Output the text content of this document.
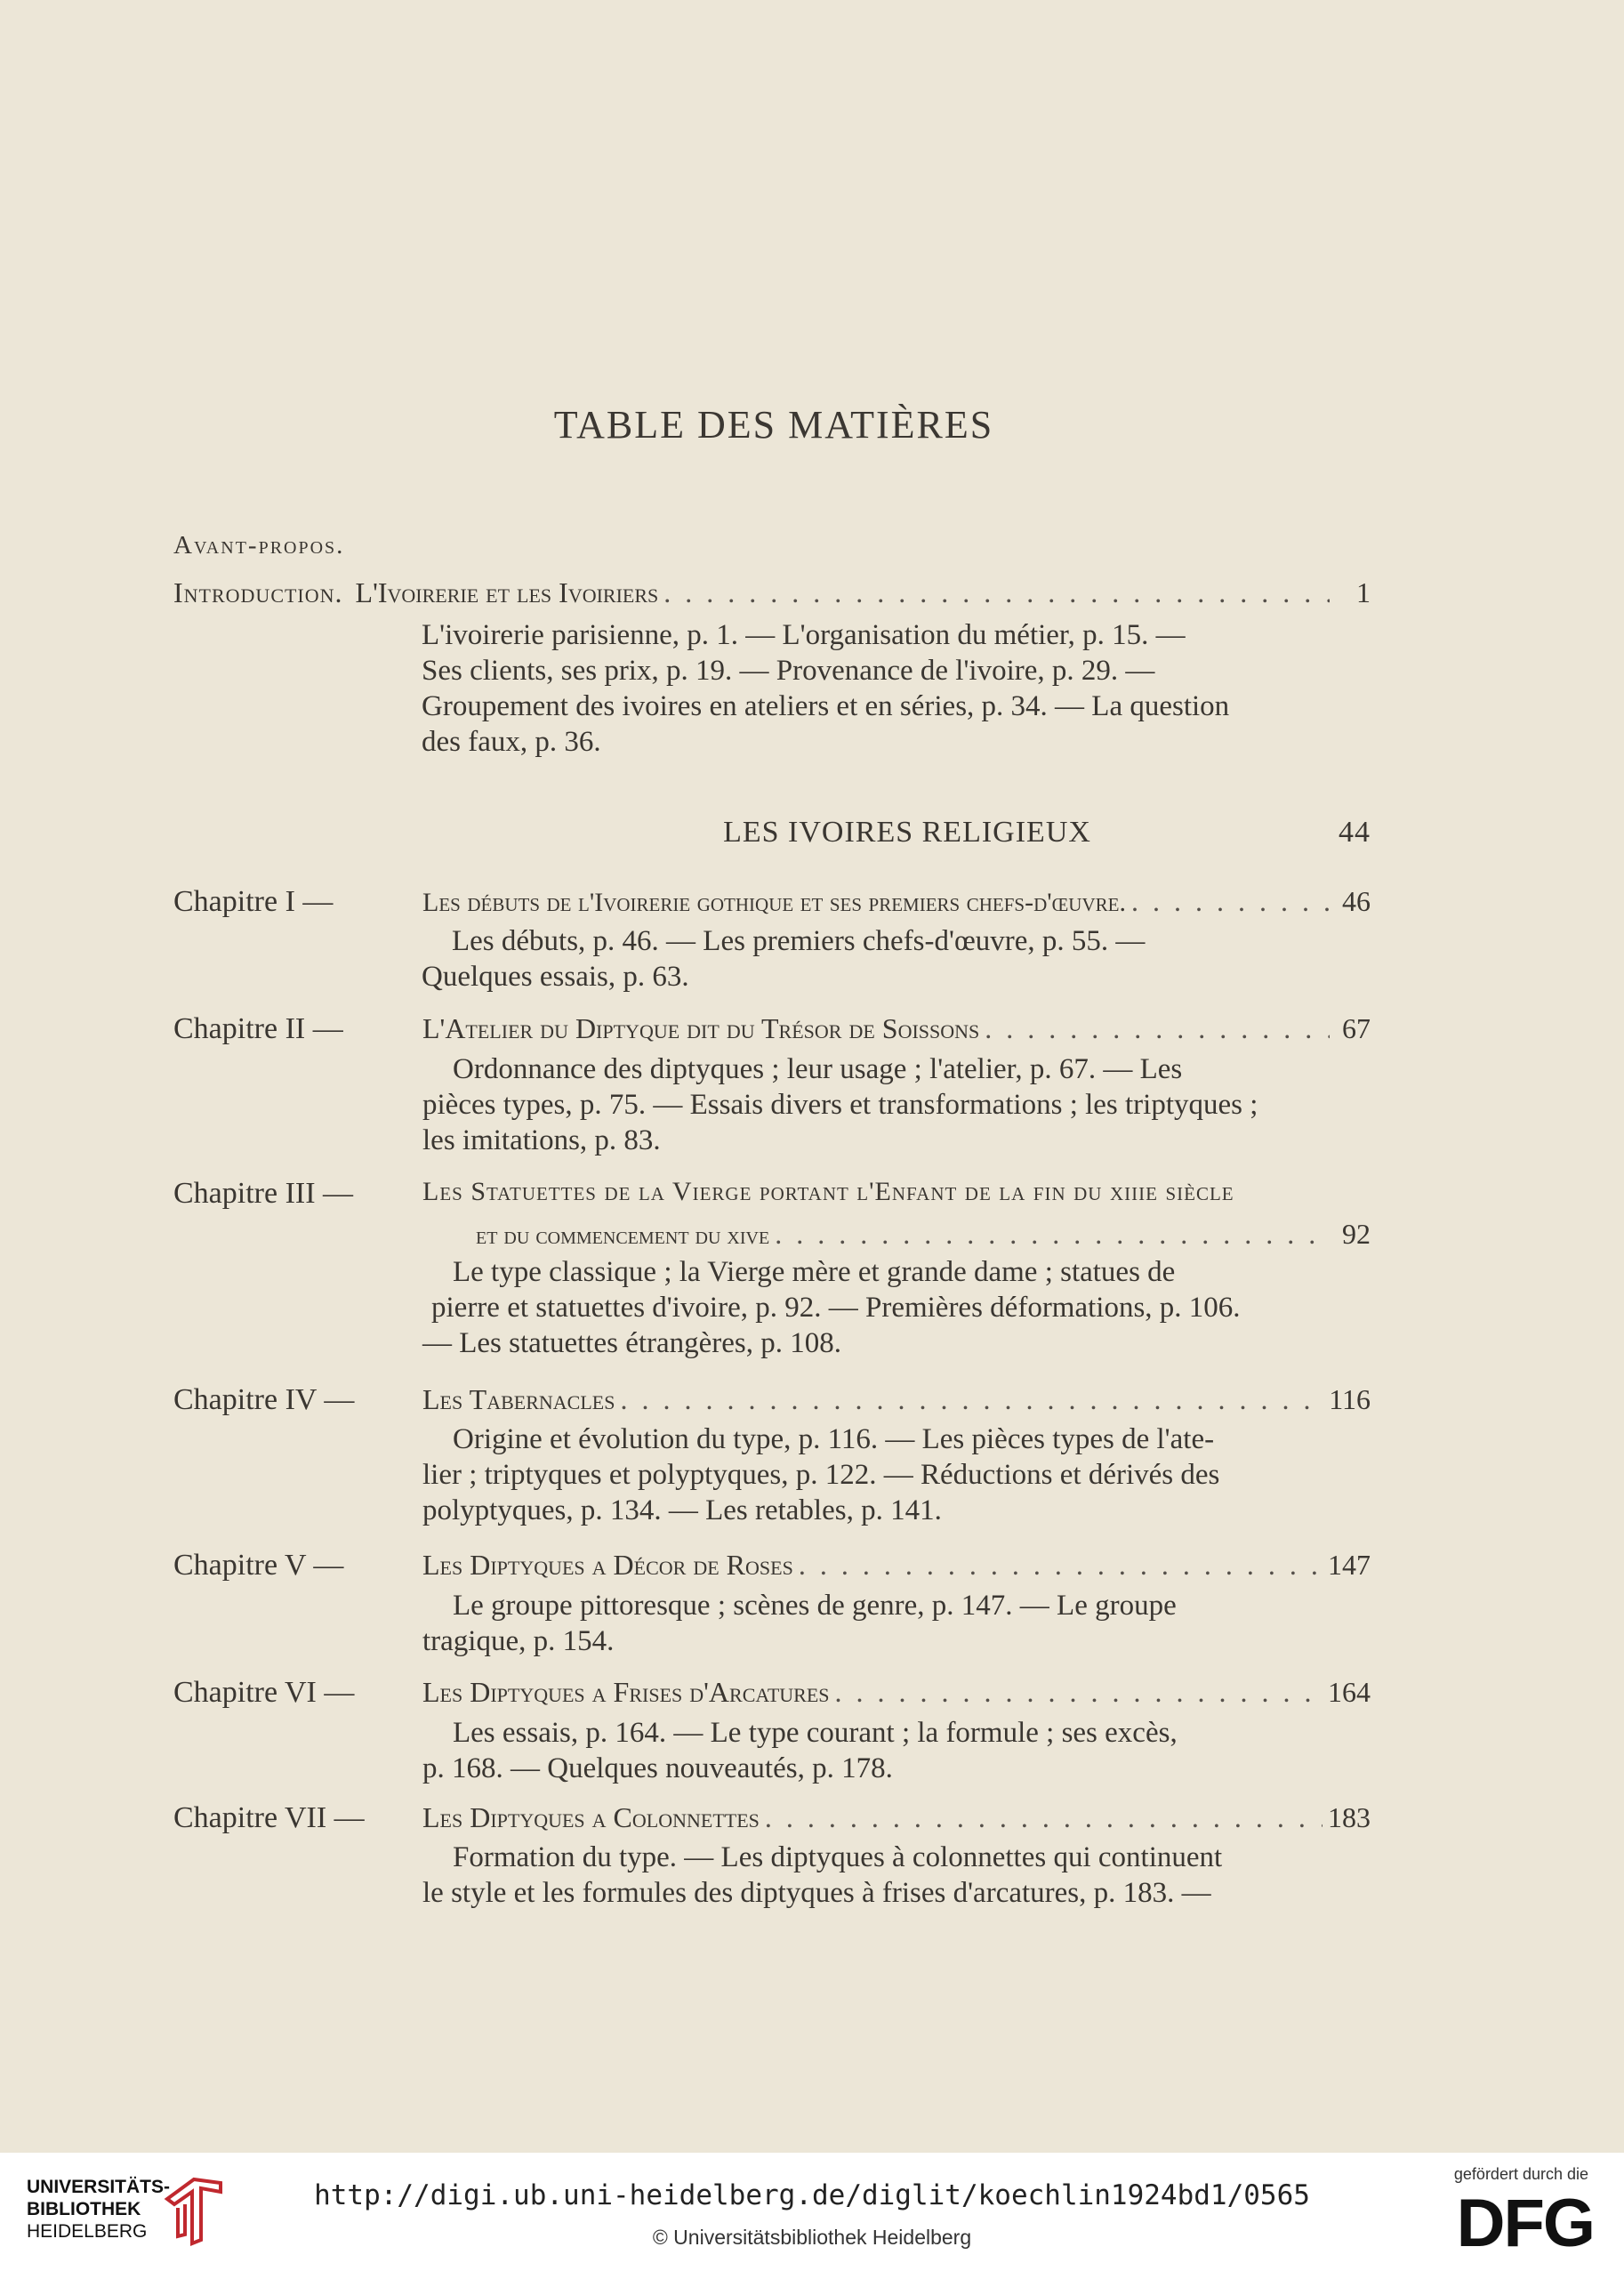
TABLE DES MATIÈRES
Avant-propos.
Introduction. L'Ivoirerie et les Ivoiriers . . .	1

L'ivoirerie parisienne, p. 1. — L'organisation du métier, p. 15. —

Ses clients, ses prix, p. 19. — Provenance de l'ivoire, p. 29. —

Groupement des ivoires en ateliers et en séries, p. 34. — La question

des faux, p. 36.

LES IVOIRES RELIGIEUX	44
Chapitre I —	Les débuts de l'Ivoirerie gothique et ses premiers chefs-d'œuvre. . . .	46

Les débuts, p. 46. — Les premiers chefs-d'œuvre, p. 55. —

Quelques essais, p. 63.

Chapitre II —	L'Atelier du Diptyque dit du Trésor de Soissons . . .	67

Ordonnance des diptyques ; leur usage ; l'atelier, p. 67. — Les

pièces types, p. 75. — Essais divers et transformations ; les triptyques ;

les imitations, p. 83.

Chapitre III —	Les Statuettes de la Vierge portant l'Enfant de la fin du xiiie siècle
et du commencement du xive . . .	92

Le type classique ; la Vierge mère et grande dame ; statues de

pierre et statuettes d'ivoire, p. 92. — Premières déformations, p. 106.

— Les statuettes étrangères, p. 108.

Chapitre IV — Les Tabernacles . . .	116

Origine et évolution du type, p. 116. — Les pièces types de l'ate-

lier ; triptyques et polyptyques, p. 122. — Réductions et dérivés des

polyptyques, p. 134. — Les retables, p. 141.

Chapitre V —	Les Diptyques a Décor de Roses . . .	147

Le groupe pittoresque ; scènes de genre, p. 147. — Le groupe

tragique, p. 154.

Chapitre VI — Les Diptyques a Frises d'Arcatures . . .	164

Les essais, p. 164. — Le type courant ; la formule ; ses excès,

p. 168. — Quelques nouveautés, p. 178.

Chapitre VII — Les Diptyques a Colonnettes . . .	183

Formation du type. — Les diptyques à colonnettes qui continuent

le style et les formules des diptyques à frises d'arcatures, p. 183. —

UNIVERSITÄTS-
BIBLIOTHEK
HEIDELBERG
http://digi.ub.uni-heidelberg.de/diglit/koechlin1924bd1/0565
© Universitätsbibliothek Heidelberg
gefördert durch die
DFG
